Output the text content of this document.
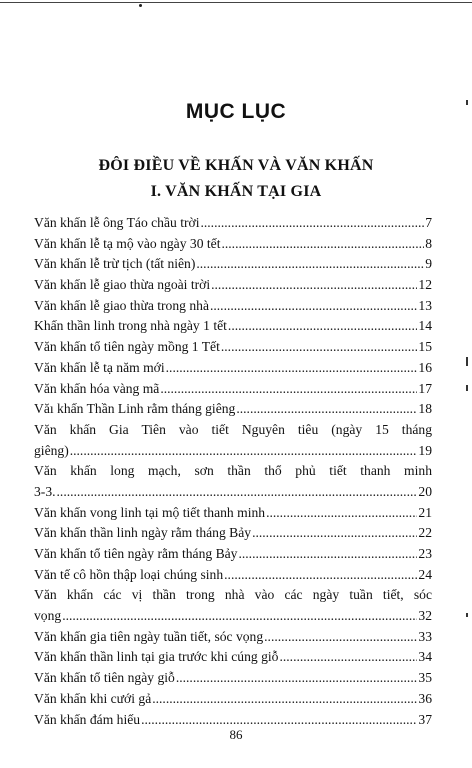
MỤC LỤC
ĐÔI ĐIỀU VỀ KHẤN VÀ VĂN KHẤN
I. VĂN KHẤN TẠI GIA
Văn khấn lễ ông Táo chầu trời .....	7
Văn khấn lễ tạ mộ vào ngày 30 tết .....	8
Văn khấn lễ trừ tịch (tất niên) .....	9
Văn khấn lễ giao thừa ngoài trời .....	12
Văn khấn lễ giao thừa trong nhà .....	13
Khấn thần linh trong nhà ngày 1 tết .....	14
Văn khấn tổ tiên ngày mồng 1 Tết .....	15
Văn khấn lễ tạ năm mới .....	16
Văn khấn hóa vàng mã .....	17
Văı khấn Thần Linh rằm tháng giêng .....	18
Văn khấn Gia Tiên vào tiết Nguyên tiêu (ngày 15 tháng
giêng) .....	19
Văn khấn long mạch, sơn thần thổ phủ tiết thanh minh
3-3. .....	20
Văn khấn vong linh tại mộ tiết thanh minh .....	21
Văn khấn thần linh ngày rằm tháng Bảy .....	22
Văn khấn tổ tiên ngày rằm tháng Bảy .....	23
Văn tế cô hồn thập loại chúng sinh .....	24
Văn khấn các vị thần trong nhà vào các ngày tuần tiết, sóc
vọng .....	32
Văn khấn gia tiên ngày tuần tiết, sóc vọng .....	33
Văn khấn thần linh tại gia trước khi cúng giỗ .....	34
Văn khấn tổ tiên ngày giỗ .....	35
Văn khấn khi cưới gả .....	36
Văn khấn đám hiếu .....	37
86
